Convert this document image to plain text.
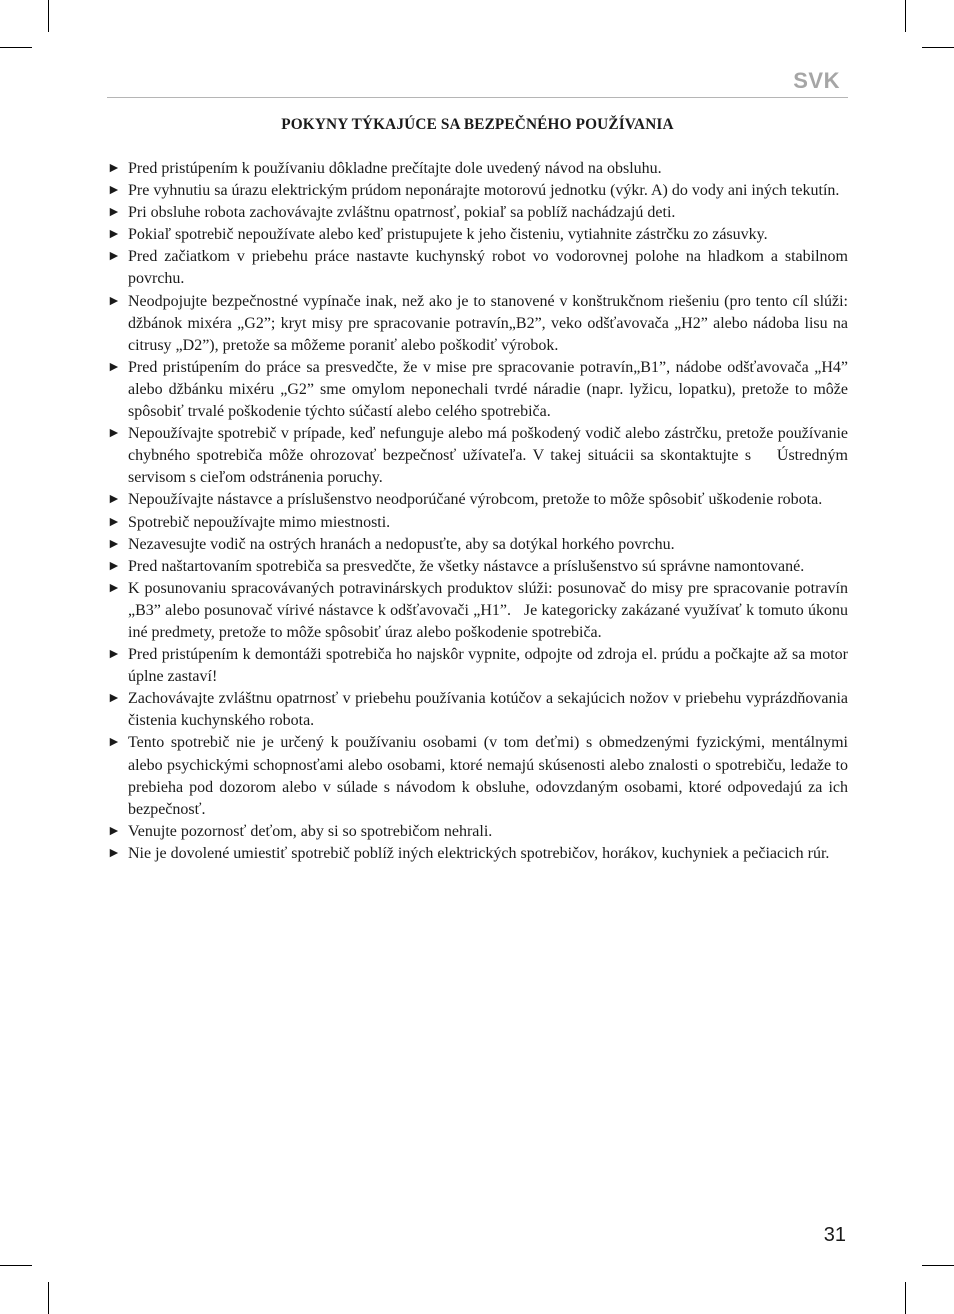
SVK
POKYNY TÝKAJÚCE SA BEZPEČNÉHO POUŽÍVANIA
► Pred pristúpením k používaniu dôkladne prečítajte dole uvedený návod na obsluhu.
► Pre vyhnutiu sa úrazu elektrickým prúdom neponárajte motorovú jednotku (výkr. A) do vody ani iných tekutín.
► Pri obsluhe robota zachovávajte zvláštnu opatrnosť, pokiaľ sa poblíž nachádzajú deti.
► Pokiaľ spotrebič nepoužívate alebo keď pristupujete k jeho čisteniu, vytiahnite zástrčku zo zásuvky.
► Pred začiatkom v priebehu práce nastavte kuchynský robot vo vodorovnej polohe na hladkom a stabilnom povrchu.
► Neodpojujte bezpečnostné vypínače inak, než ako je to stanovené v konštrukčnom riešeniu (pro tento cíl slúži: džbánok mixéra „G2”; kryt misy pre spracovanie potravín„B2”, veko odšťavovača „H2” alebo nádoba lisu na citrusy „D2”), pretože sa môžeme poraniť alebo poškodiť výrobok.
► Pred pristúpením do práce sa presvedčte, že v mise pre spracovanie potravín„B1”, nádobe odšťavovača „H4” alebo džbánku mixéru „G2” sme omylom neponechali tvrdé náradie (napr. lyžicu, lopatku), pretože to môže spôsobiť trvalé poškodenie týchto súčastí alebo celého spotrebiča.
► Nepoužívajte spotrebič v prípade, keď nefunguje alebo má poškodený vodič alebo zástrčku, pretože používanie chybného spotrebiča môže ohrozovať bezpečnosť užívateľa. V takej situácii sa skontaktujte s    Ústredným servisom s cieľom odstránenia poruchy.
► Nepoužívajte nástavce a príslušenstvo neodporúčané výrobcom, pretože to môže spôsobiť uškodenie robota.
► Spotrebič nepoužívajte mimo miestnosti.
► Nezavesujte vodič na ostrých hranách a nedopusťte, aby sa dotýkal horkého povrchu.
► Pred naštartovaním spotrebiča sa presvedčte, že všetky nástavce a príslušenstvo sú správne namontované.
► K posunovaniu spracovávaných potravinárskych produktov slúži: posunovač do misy pre spracovanie potravín „B3” alebo posunovač vírivé nástavce k odšťavovači „H1”.   Je kategoricky zakázané využívať k tomuto úkonu iné predmety, pretože to môže spôsobiť úraz alebo poškodenie spotrebiča.
► Pred pristúpením k demontáži spotrebiča ho najskôr vypnite, odpojte od zdroja el. prúdu a počkajte až sa motor úplne zastaví!
► Zachovávajte zvláštnu opatrnosť v priebehu používania kotúčov a sekajúcich nožov v priebehu vyprázdňovania čistenia kuchynského robota.
► Tento spotrebič nie je určený k používaniu osobami (v tom deťmi) s obmedzenými fyzickými, mentálnymi alebo psychickými schopnosťami alebo osobami, ktoré nemajú skúsenosti alebo znalosti o spotrebiču, ledaže to prebieha pod dozorom alebo v súlade s návodom k obsluhe, odovzdaným osobami, ktoré odpovedajú za ich bezpečnosť.
► Venujte pozornosť deťom, aby si so spotrebičom nehrali.
► Nie je dovolené umiestiť spotrebič poblíž iných elektrických spotrebičov, horákov, kuchyniek a pečiacich rúr.
31
